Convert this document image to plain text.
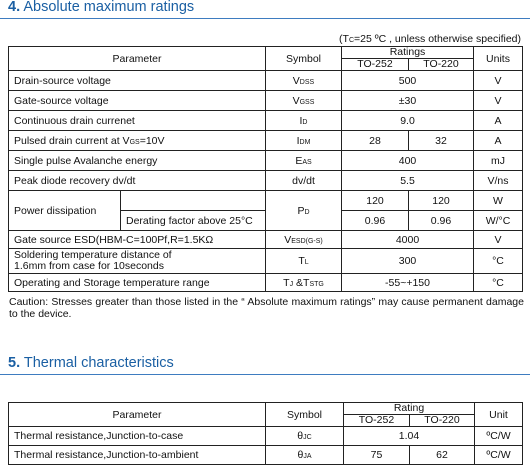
4. Absolute maximum ratings
(TC=25 ºC , unless otherwise specified)
Parameter		Symbol	Ratings		Units
			TO-252	TO-220	
Drain-source voltage		VDSS	500		V
Gate-source voltage		VGSS	±30		V
Continuous drain currenet		ID	9.0		A
Pulsed drain current at VGS=10V		IDM	28	32	A
Single pulse Avalanche energy		EAS	400		mJ
Peak diode recovery dv/dt		dv/dt	5.5		V/ns
Power dissipation		PD	120	120	W
	Derating factor above 25°C		0.96	0.96	W/°C
Gate source ESD(HBM-C=100Pf,R=1.5KΩ		VESD(G-S)	4000		V
Soldering temperature distance of
1.6mm from case for 10seconds		TL	300		°C
Operating and Storage temperature range		TJ &TSTG	-55~+150		°C
Caution: Stresses greater than those listed in the “ Absolute maximum ratings” may cause permanent damage to the device.
5. Thermal characteristics
Parameter	Symbol	Rating		Unit
		TO-252	TO-220	
Thermal resistance,Junction-to-case	θJC	1.04		ºC/W
Thermal resistance,Junction-to-ambient	θJA	75	62	ºC/W
